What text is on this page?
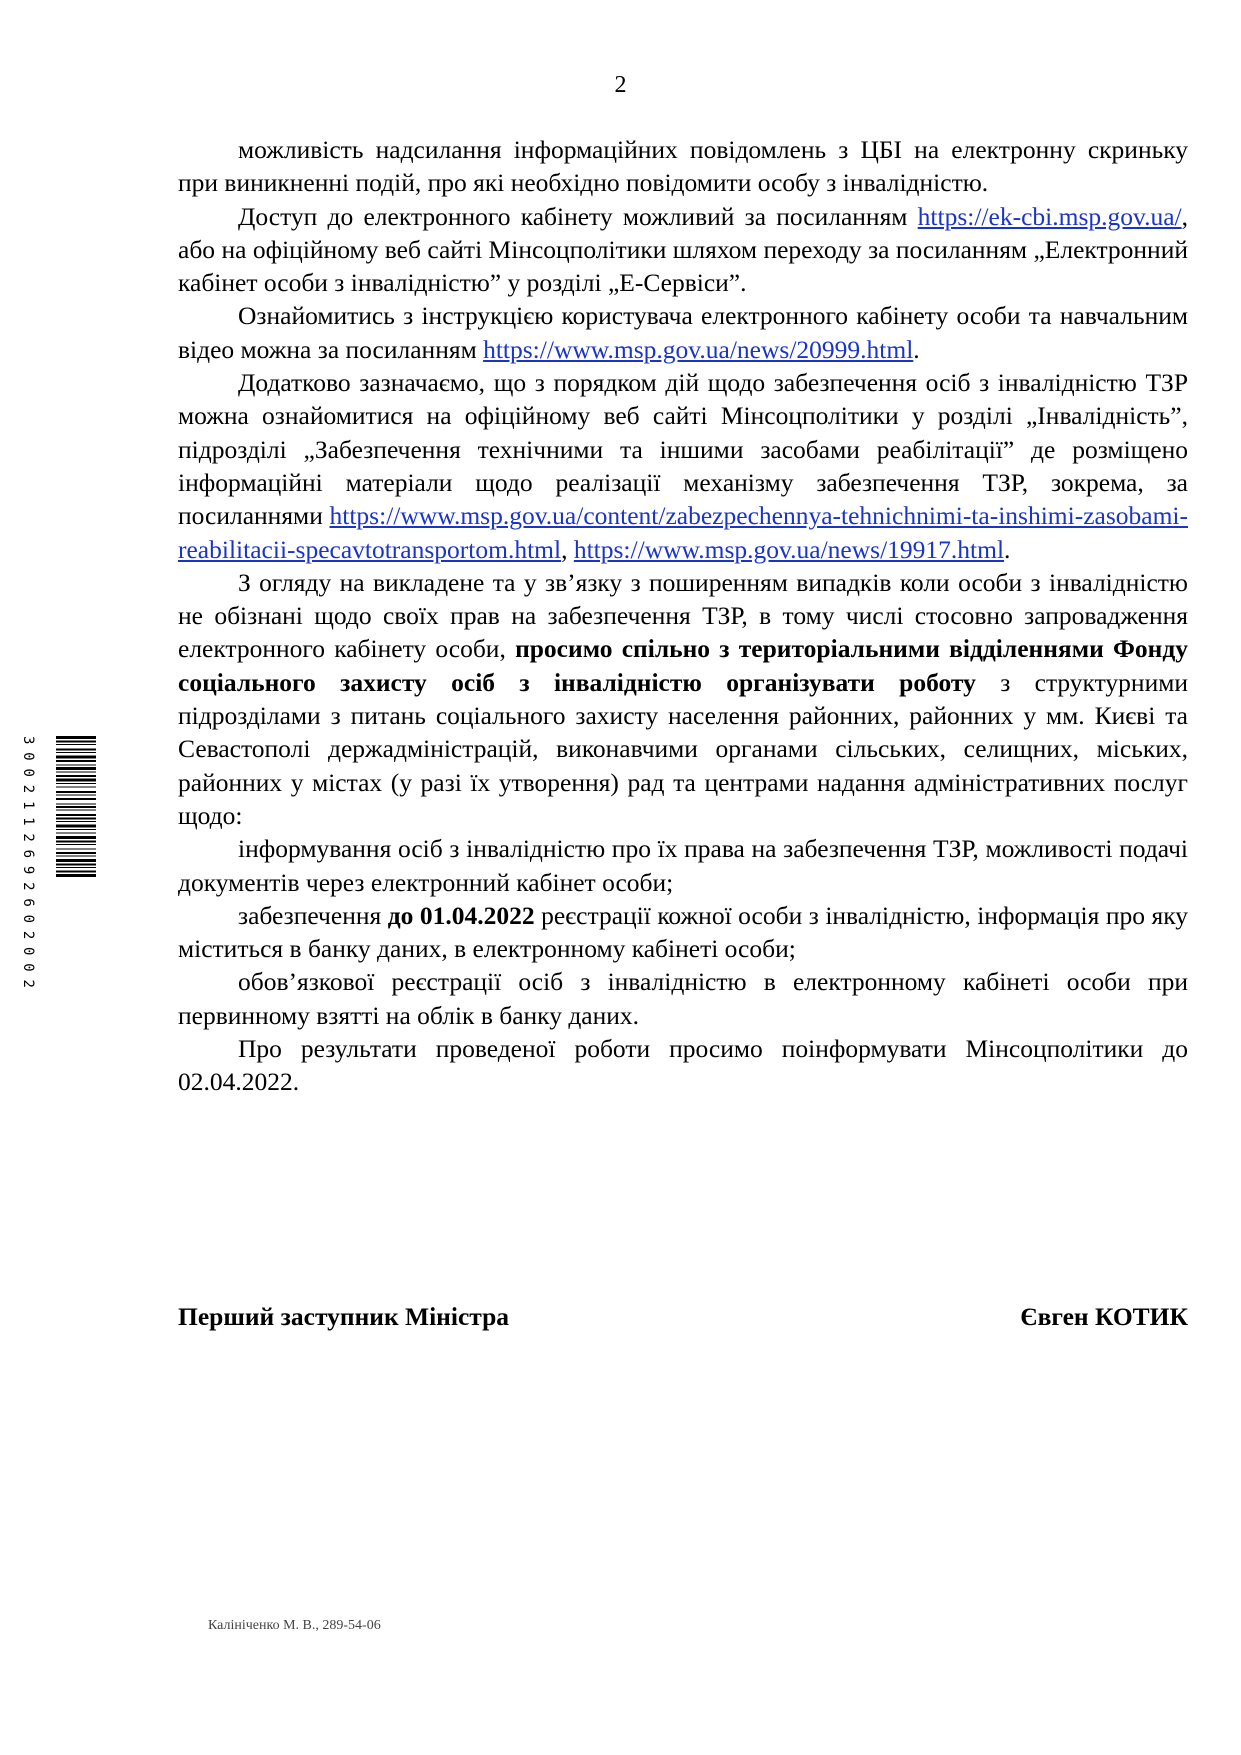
2

можливість надсилання інформаційних повідомлень з ЦБІ на електронну скриньку при виникненні подій, про які необхідно повідомити особу з інвалідністю.

Доступ до електронного кабінету можливий за посиланням https://ek-cbi.msp.gov.ua/, або на офіційному веб сайті Мінсоцполітики шляхом переходу за посиланням „Електронний кабінет особи з інвалідністю” у розділі „Е-Сервіси”.

Ознайомитись з інструкцією користувача електронного кабінету особи та навчальним відео можна за посиланням https://www.msp.gov.ua/news/20999.html.

Додатково зазначаємо, що з порядком дій щодо забезпечення осіб з інвалідністю ТЗР можна ознайомитися на офіційному веб сайті Мінсоцполітики у розділі „Інвалідність”, підрозділі „Забезпечення технічними та іншими засобами реабілітації” де розміщено інформаційні матеріали щодо реалізації механізму забезпечення ТЗР, зокрема, за посиланнями https://www.msp.gov.ua/content/zabezpechennya-tehnichnimi-ta-inshimi-zasobami-reabilitacii-specavtotransportom.html, https://www.msp.gov.ua/news/19917.html.

З огляду на викладене та у зв’язку з поширенням випадків коли особи з інвалідністю не обізнані щодо своїх прав на забезпечення ТЗР, в тому числі стосовно запровадження електронного кабінету особи, просимо спільно з територіальними відділеннями Фонду соціального захисту осіб з інвалідністю організувати роботу з структурними підрозділами з питань соціального захисту населення районних, районних у мм. Києві та Севастополі держадміністрацій, виконавчими органами сільських, селищних, міських, районних у містах (у разі їх утворення) рад та центрами надання адміністративних послуг щодо:

інформування осіб з інвалідністю про їх права на забезпечення ТЗР, можливості подачі документів через електронний кабінет особи;

забезпечення до 01.04.2022 реєстрації кожної особи з інвалідністю, інформація про яку міститься в банку даних, в електронному кабінеті особи;

обов’язкової реєстрації осіб з інвалідністю в електронному кабінеті особи при первинному взятті на облік в банку даних.

Про результати проведеної роботи просимо поінформувати Мінсоцполітики до 02.04.2022.

Перший заступник Міністра	Євген КОТИК
Калініченко М. В., 289-54-06
3
0
0
2
1
1
2
6
9
2
6
0
2
0
0
2
